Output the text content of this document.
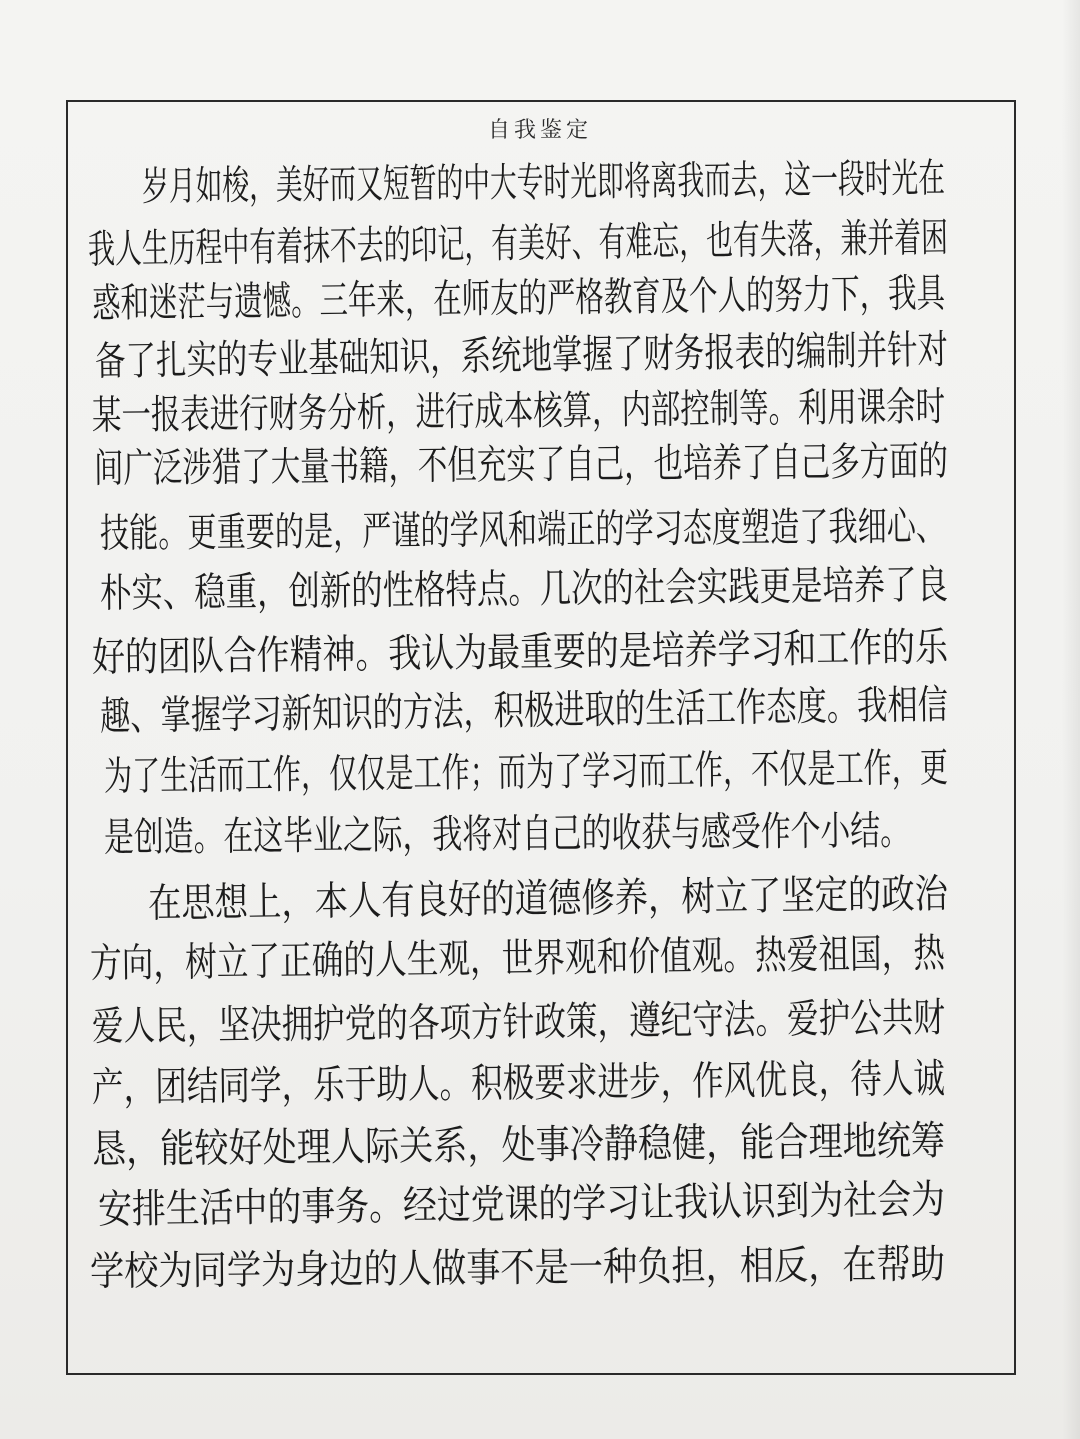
自我鉴定
岁月如梭，美好而又短暂的中大专时光即将离我而去，这一段时光在
我人生历程中有着抹不去的印记，有美好、有难忘，也有失落，兼并着困
惑和迷茫与遗憾。三年来，在师友的严格教育及个人的努力下，我具
备了扎实的专业基础知识，系统地掌握了财务报表的编制并针对
某一报表进行财务分析，进行成本核算，内部控制等。利用课余时
间广泛涉猎了大量书籍，不但充实了自己，也培养了自己多方面的
技能。更重要的是，严谨的学风和端正的学习态度塑造了我细心、
朴实、稳重，创新的性格特点。几次的社会实践更是培养了良
好的团队合作精神。我认为最重要的是培养学习和工作的乐
趣、掌握学习新知识的方法，积极进取的生活工作态度。我相信
为了生活而工作，仅仅是工作；而为了学习而工作，不仅是工作，更
是创造。在这毕业之际，我将对自己的收获与感受作个小结。
在思想上，本人有良好的道德修养，树立了坚定的政治
方向，树立了正确的人生观，世界观和价值观。热爱祖国，热
爱人民，坚决拥护党的各项方针政策，遵纪守法。爱护公共财
产，团结同学，乐于助人。积极要求进步，作风优良，待人诚
恳，能较好处理人际关系，处事冷静稳健，能合理地统筹
安排生活中的事务。经过党课的学习让我认识到为社会为
学校为同学为身边的人做事不是一种负担，相反，在帮助
